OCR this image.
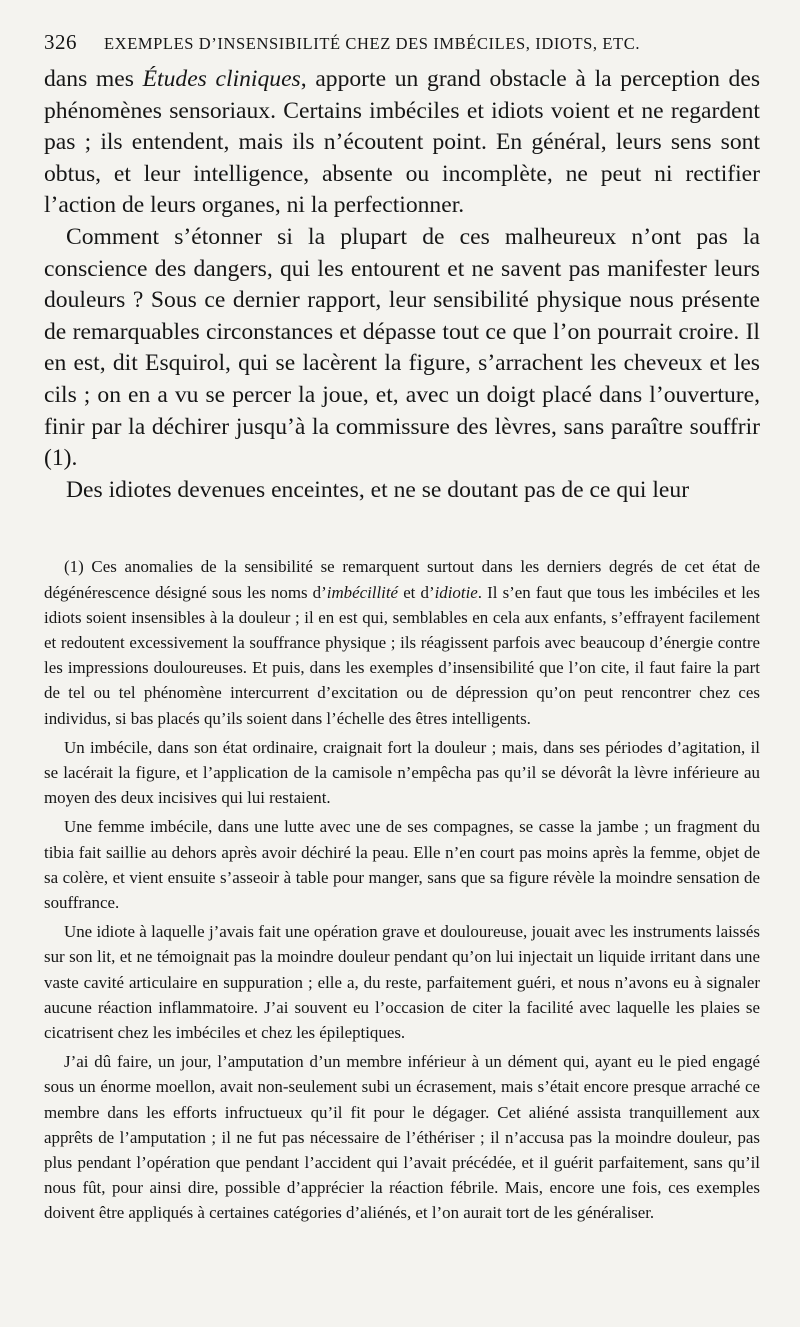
326	EXEMPLES D’INSENSIBILITÉ CHEZ DES IMBÉCILES, IDIOTS, ETC.

dans mes Études cliniques, apporte un grand obstacle à la perception des phénomènes sensoriaux. Certains imbéciles et idiots voient et ne regardent pas ; ils entendent, mais ils n’écoutent point. En général, leurs sens sont obtus, et leur intelligence, absente ou incomplète, ne peut ni rectifier l’action de leurs organes, ni la perfectionner.

Comment s’étonner si la plupart de ces malheureux n’ont pas la conscience des dangers, qui les entourent et ne savent pas manifester leurs douleurs ? Sous ce dernier rapport, leur sensibilité physique nous présente de remarquables circonstances et dépasse tout ce que l’on pourrait croire. Il en est, dit Esquirol, qui se lacèrent la figure, s’arrachent les cheveux et les cils ; on en a vu se percer la joue, et, avec un doigt placé dans l’ouverture, finir par la déchirer jusqu’à la commissure des lèvres, sans paraître souffrir (1).

Des idiotes devenues enceintes, et ne se doutant pas de ce qui leur

(1) Ces anomalies de la sensibilité se remarquent surtout dans les derniers degrés de cet état de dégénérescence désigné sous les noms d’imbécillité et d’idiotie. Il s’en faut que tous les imbéciles et les idiots soient insensibles à la douleur ; il en est qui, semblables en cela aux enfants, s’effrayent facilement et redoutent excessivement la souffrance physique ; ils réagissent parfois avec beaucoup d’énergie contre les impressions douloureuses. Et puis, dans les exemples d’insensibilité que l’on cite, il faut faire la part de tel ou tel phénomène intercurrent d’excitation ou de dépression qu’on peut rencontrer chez ces individus, si bas placés qu’ils soient dans l’échelle des êtres intelligents.

Un imbécile, dans son état ordinaire, craignait fort la douleur ; mais, dans ses périodes d’agitation, il se lacérait la figure, et l’application de la camisole n’empêcha pas qu’il se dévorât la lèvre inférieure au moyen des deux incisives qui lui restaient.

Une femme imbécile, dans une lutte avec une de ses compagnes, se casse la jambe ; un fragment du tibia fait saillie au dehors après avoir déchiré la peau. Elle n’en court pas moins après la femme, objet de sa colère, et vient ensuite s’asseoir à table pour manger, sans que sa figure révèle la moindre sensation de souffrance.

Une idiote à laquelle j’avais fait une opération grave et douloureuse, jouait avec les instruments laissés sur son lit, et ne témoignait pas la moindre douleur pendant qu’on lui injectait un liquide irritant dans une vaste cavité articulaire en suppuration ; elle a, du reste, parfaitement guéri, et nous n’avons eu à signaler aucune réaction inflammatoire. J’ai souvent eu l’occasion de citer la facilité avec laquelle les plaies se cicatrisent chez les imbéciles et chez les épileptiques.

J’ai dû faire, un jour, l’amputation d’un membre inférieur à un dément qui, ayant eu le pied engagé sous un énorme moellon, avait non-seulement subi un écrasement, mais s’était encore presque arraché ce membre dans les efforts infructueux qu’il fit pour le dégager. Cet aliéné assista tranquillement aux apprêts de l’amputation ; il ne fut pas nécessaire de l’éthériser ; il n’accusa pas la moindre douleur, pas plus pendant l’opération que pendant l’accident qui l’avait précédée, et il guérit parfaitement, sans qu’il nous fût, pour ainsi dire, possible d’apprécier la réaction fébrile. Mais, encore une fois, ces exemples doivent être appliqués à certaines catégories d’aliénés, et l’on aurait tort de les généraliser.
